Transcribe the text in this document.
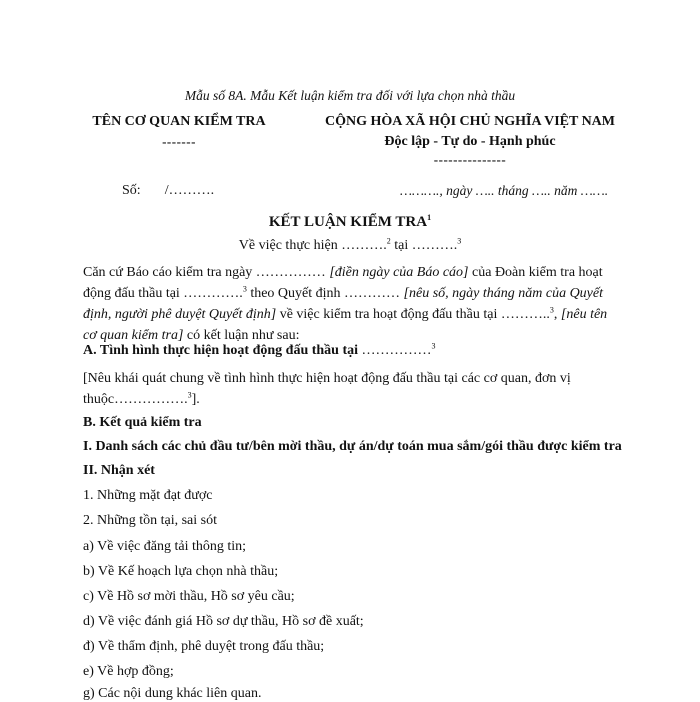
Mẫu số 8A. Mẫu Kết luận kiểm tra đối với lựa chọn nhà thầu
TÊN CƠ QUAN KIỂM TRA
-------
CỘNG HÒA XÃ HỘI CHỦ NGHĨA VIỆT NAM
Độc lập - Tự do - Hạnh phúc
---------------
Số: /……….	………., ngày ….. tháng ….. năm …….
KẾT LUẬN KIỂM TRA$^1$
Về việc thực hiện ……….$^2$ tại ……….$^3$
Căn cứ Báo cáo kiểm tra ngày …………… [điền ngày của Báo cáo] của Đoàn kiểm tra hoạt động đấu thầu tại ………….$^3$ theo Quyết định ………… [nêu số, ngày tháng năm của Quyết định, người phê duyệt Quyết định] về việc kiểm tra hoạt động đấu thầu tại ………..$^3$, [nêu tên cơ quan kiểm tra] có kết luận như sau:
A. Tình hình thực hiện hoạt động đấu thầu tại ……………$^3$
[Nêu khái quát chung về tình hình thực hiện hoạt động đấu thầu tại các cơ quan, đơn vị thuộc…………….$^3$].
B. Kết quả kiểm tra
I. Danh sách các chủ đầu tư/bên mời thầu, dự án/dự toán mua sắm/gói thầu được kiểm tra
II. Nhận xét
1. Những mặt đạt được
2. Những tồn tại, sai sót
a) Về việc đăng tải thông tin;
b) Về Kế hoạch lựa chọn nhà thầu;
c) Về Hồ sơ mời thầu, Hồ sơ yêu cầu;
d) Về việc đánh giá Hồ sơ dự thầu, Hồ sơ đề xuất;
đ) Về thẩm định, phê duyệt trong đấu thầu;
e) Về hợp đồng;
g) Các nội dung khác liên quan.
